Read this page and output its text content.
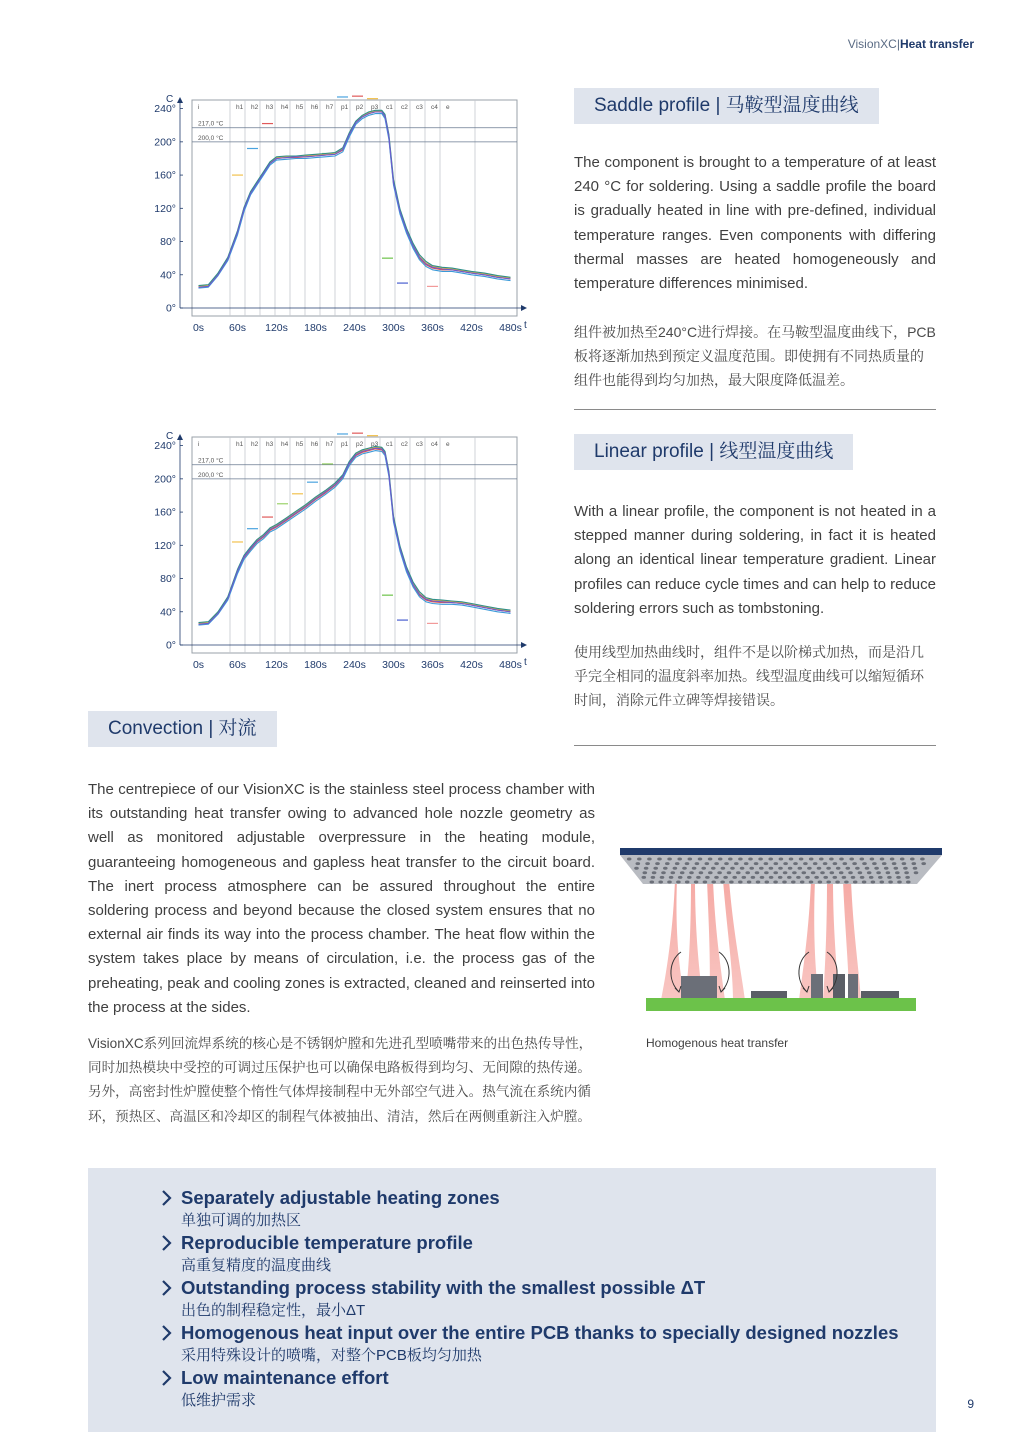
VisionXC|Heat transfer
i	h1 h2 h3 h4 h5 h6 h7 p1 p2 p3 c1 c2 c3 c4 e
240°
200°
160°
120°
80°
40°
0°
C
t
0s 60s 120s 180s 240s 300s 360s 420s 480s
217,0 °C
200,0 °C
Saddle profile | 马鞍型温度曲线
The component is brought to a temperature of at least 240 °C for soldering. Using a saddle profile the board is gradually heated in line with pre-defined, individual temperature ranges. Even components with differing thermal masses are heated homogeneously and temperature differences minimised.
组件被加热至240°C进行焊接。在马鞍型温度曲线下，PCB板将逐渐加热到预定义温度范围。即使拥有不同热质量的组件也能得到均匀加热，最大限度降低温差。
i	h1 h2 h3 h4 h5 h6 h7 p1 p2 p3 c1 c2 c3 c4 e
240°
200°
160°
120°
80°
40°
0°
C
t
0s 60s 120s 180s 240s 300s 360s 420s 480s
217,0 °C
200,0 °C
Linear profile | 线型温度曲线
With a linear profile, the component is not heated in a stepped manner during soldering, in fact it is heated along an identical linear temperature gradient. Linear profiles can reduce cycle times and can help to reduce soldering errors such as tombstoning.
使用线型加热曲线时，组件不是以阶梯式加热，而是沿几乎完全相同的温度斜率加热。线型温度曲线可以缩短循环时间，消除元件立碑等焊接错误。
Convection | 对流
The centrepiece of our VisionXC is the stainless steel process chamber with its outstanding heat transfer owing to advanced hole nozzle geometry as well as monitored adjustable overpressure in the heating module, guaranteeing homogeneous and gapless heat transfer to the circuit board. The inert process atmosphere can be assured throughout the entire soldering process and beyond because the closed system ensures that no external air finds its way into the process chamber. The heat flow within the system takes place by means of circulation, i.e. the process gas of the preheating, peak and cooling zones is extracted, cleaned and reinserted into the process at the sides.
VisionXC系列回流焊系统的核心是不锈钢炉膛和先进孔型喷嘴带来的出色热传导性，同时加热模块中受控的可调过压保护也可以确保电路板得到均匀、无间隙的热传递。另外，高密封性炉膛使整个惰性气体焊接制程中无外部空气进入。热气流在系统内循环，预热区、高温区和冷却区的制程气体被抽出、清洁，然后在两侧重新注入炉膛。
Homogenous heat transfer
Separately adjustable heating zones
单独可调的加热区
Reproducible temperature profile
高重复精度的温度曲线
Outstanding process stability with the smallest possible ΔT
出色的制程稳定性，最小ΔT
Homogenous heat input over the entire PCB thanks to specially designed nozzles
采用特殊设计的喷嘴，对整个PCB板均匀加热
Low maintenance effort
低维护需求	9
